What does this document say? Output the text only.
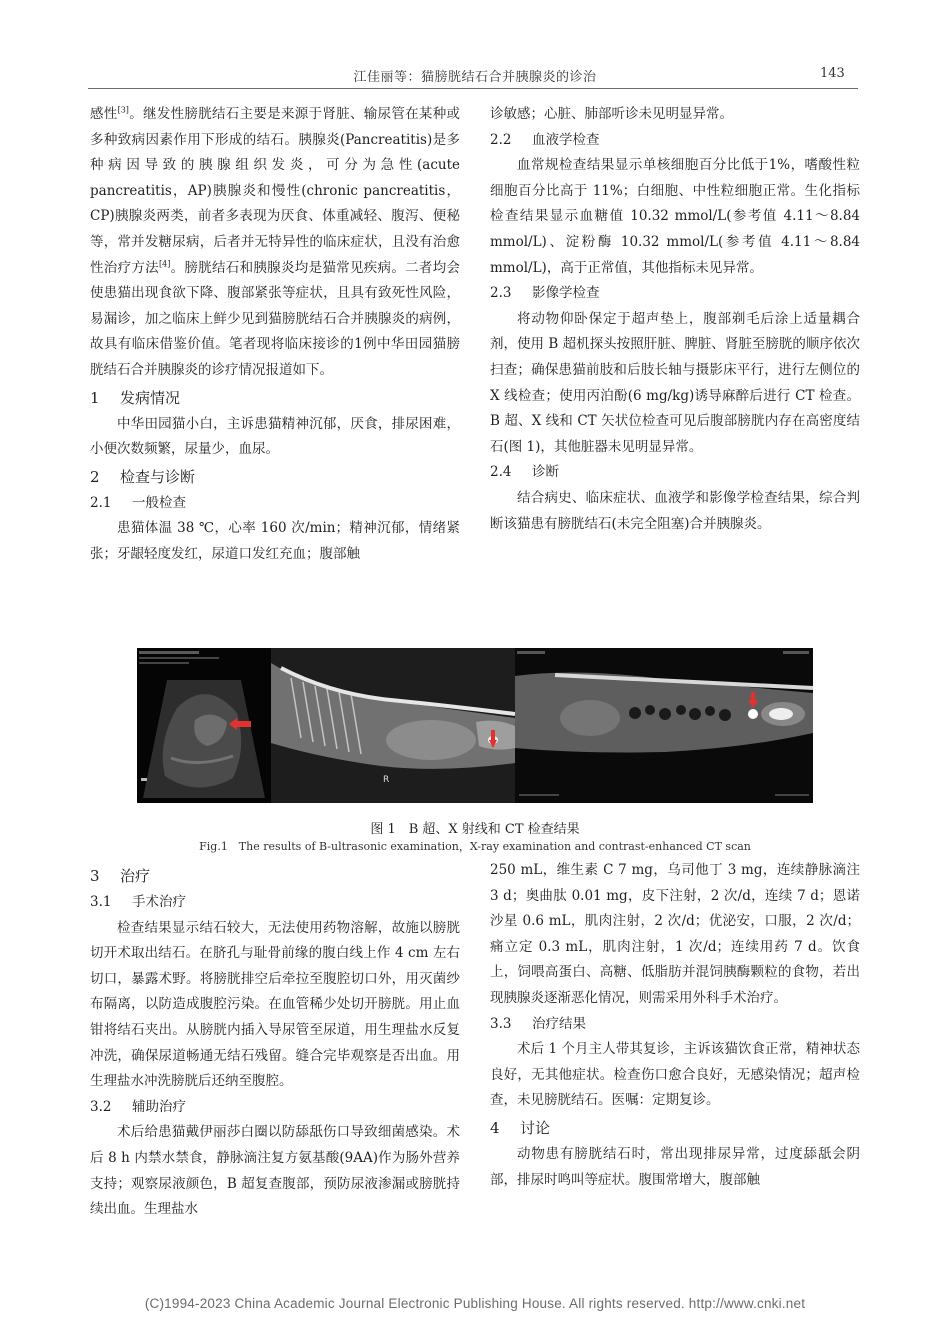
江佳丽等：猫膀胱结石合并胰腺炎的诊治	143

感性[3]。继发性膀胱结石主要是来源于肾脏、输尿管在某种或多种致病因素作用下形成的结石。胰腺炎(Pancreatitis)是多种病因导致的胰腺组织发炎，可分为急性(acute pancreatitis，AP)胰腺炎和慢性(chronic pancreatitis，CP)胰腺炎两类，前者多表现为厌食、体重减轻、腹泻、便秘等，常并发糖尿病，后者并无特异性的临床症状，且没有治愈性治疗方法[4]。膀胱结石和胰腺炎均是猫常见疾病。二者均会使患猫出现食欲下降、腹部紧张等症状，且具有致死性风险，易漏诊，加之临床上鲜少见到猫膀胱结石合并胰腺炎的病例，故具有临床借鉴价值。笔者现将临床接诊的1例中华田园猫膀胱结石合并胰腺炎的诊疗情况报道如下。

1 发病情况

中华田园猫小白，主诉患猫精神沉郁，厌食，排尿困难，小便次数频繁，尿量少，血尿。

2 检查与诊断
2.1 一般检查

患猫体温 38 ℃，心率 160 次/min；精神沉郁，情绪紧张；牙龈轻度发红，尿道口发红充血；腹部触

诊敏感；心脏、肺部听诊未见明显异常。

2.2 血液学检查

血常规检查结果显示单核细胞百分比低于1%，嗜酸性粒细胞百分比高于 11%；白细胞、中性粒细胞正常。生化指标检查结果显示血糖值 10.32 mmol/L(参考值 4.11～8.84 mmol/L)、淀粉酶 10.32 mmol/L(参考值 4.11～8.84 mmol/L)，高于正常值，其他指标未见异常。

2.3 影像学检查

将动物仰卧保定于超声垫上，腹部剃毛后涂上适量耦合剂，使用 B 超机探头按照肝脏、脾脏、肾脏至膀胱的顺序依次扫查；确保患猫前肢和后肢长轴与摄影床平行，进行左侧位的 X 线检查；使用丙泊酚(6 mg/kg)诱导麻醉后进行 CT 检查。B 超、X 线和 CT 矢状位检查可见后腹部膀胱内存在高密度结石(图 1)，其他脏器未见明显异常。

2.4 诊断

结合病史、临床症状、血液学和影像学检查结果，综合判断该猫患有膀胱结石(未完全阻塞)合并胰腺炎。

R
图 1　B 超、X 射线和 CT 检查结果
Fig.1　The results of B-ultrasonic examination，X-ray examination and contrast-enhanced CT scan
3 治疗
3.1 手术治疗

检查结果显示结石较大，无法使用药物溶解，故施以膀胱切开术取出结石。在脐孔与耻骨前缘的腹白线上作 4 cm 左右切口，暴露术野。将膀胱排空后牵拉至腹腔切口外，用灭菌纱布隔离，以防造成腹腔污染。在血管稀少处切开膀胱。用止血钳将结石夹出。从膀胱内插入导尿管至尿道，用生理盐水反复冲洗，确保尿道畅通无结石残留。缝合完毕观察是否出血。用生理盐水冲洗膀胱后还纳至腹腔。

3.2 辅助治疗

术后给患猫戴伊丽莎白圈以防舔舐伤口导致细菌感染。术后 8 h 内禁水禁食，静脉滴注复方氨基酸(9AA)作为肠外营养支持；观察尿液颜色，B 超复查腹部，预防尿液渗漏或膀胱持续出血。生理盐水

250 mL，维生素 C 7 mg，乌司他丁 3 mg，连续静脉滴注 3 d；奥曲肽 0.01 mg，皮下注射，2 次/d，连续 7 d；恩诺沙星 0.6 mL，肌肉注射，2 次/d；优泌安，口服，2 次/d；痛立定 0.3 mL，肌肉注射，1 次/d；连续用药 7 d。饮食上，饲喂高蛋白、高糖、低脂肪并混饲胰酶颗粒的食物，若出现胰腺炎逐渐恶化情况，则需采用外科手术治疗。

3.3 治疗结果

术后 1 个月主人带其复诊，主诉该猫饮食正常，精神状态良好，无其他症状。检查伤口愈合良好，无感染情况；超声检查，未见膀胱结石。医嘱：定期复诊。

4 讨论

动物患有膀胱结石时，常出现排尿异常，过度舔舐会阴部，排尿时鸣叫等症状。腹围常增大，腹部触

(C)1994-2023 China Academic Journal Electronic Publishing House. All rights reserved. http://www.cnki.net
